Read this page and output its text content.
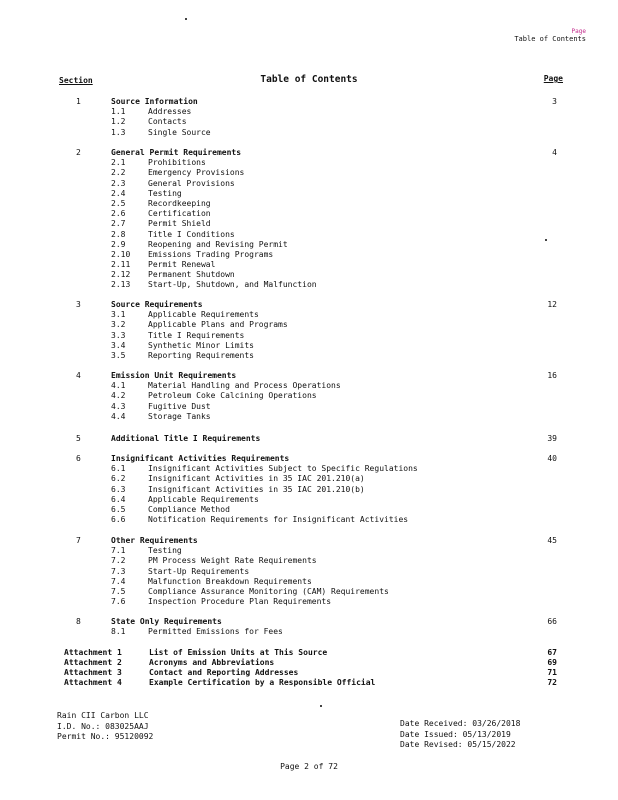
Page
Table of Contents
Section	Table of Contents	Page
1	Source Information	3
1.1	Addresses
1.2	Contacts
1.3	Single Source
2	General Permit Requirements	4
2.1	Prohibitions
2.2	Emergency Provisions
2.3	General Provisions
2.4	Testing
2.5	Recordkeeping
2.6	Certification
2.7	Permit Shield
2.8	Title I Conditions
2.9	Reopening and Revising Permit
2.10 Emissions Trading Programs
2.11 Permit Renewal
2.12 Permanent Shutdown
2.13 Start-Up, Shutdown, and Malfunction
3	Source Requirements	12
3.1	Applicable Requirements
3.2	Applicable Plans and Programs
3.3	Title I Requirements
3.4	Synthetic Minor Limits
3.5	Reporting Requirements
4	Emission Unit Requirements	16
4.1	Material Handling and Process Operations
4.2	Petroleum Coke Calcining Operations
4.3	Fugitive Dust
4.4	Storage Tanks
5	Additional Title I Requirements	39
6	Insignificant Activities Requirements	40
6.1	Insignificant Activities Subject to Specific Regulations
6.2	Insignificant Activities in 35 IAC 201.210(a)
6.3	Insignificant Activities in 35 IAC 201.210(b)
6.4	Applicable Requirements
6.5	Compliance Method
6.6	Notification Requirements for Insignificant Activities
7	Other Requirements	45
7.1	Testing
7.2	PM Process Weight Rate Requirements
7.3	Start-Up Requirements
7.4	Malfunction Breakdown Requirements
7.5	Compliance Assurance Monitoring (CAM) Requirements
7.6	Inspection Procedure Plan Requirements
8	State Only Requirements	66
8.1	Permitted Emissions for Fees
Attachment 1	List of Emission Units at This Source	67
Attachment 2	Acronyms and Abbreviations	69
Attachment 3	Contact and Reporting Addresses	71
Attachment 4	Example Certification by a Responsible Official	72
Rain CII Carbon LLC
I.D. No.: 083025AAJ
Permit No.: 95120092
Date Received: 03/26/2018
Date Issued: 05/13/2019
Date Revised: 05/15/2022
Page 2 of 72
